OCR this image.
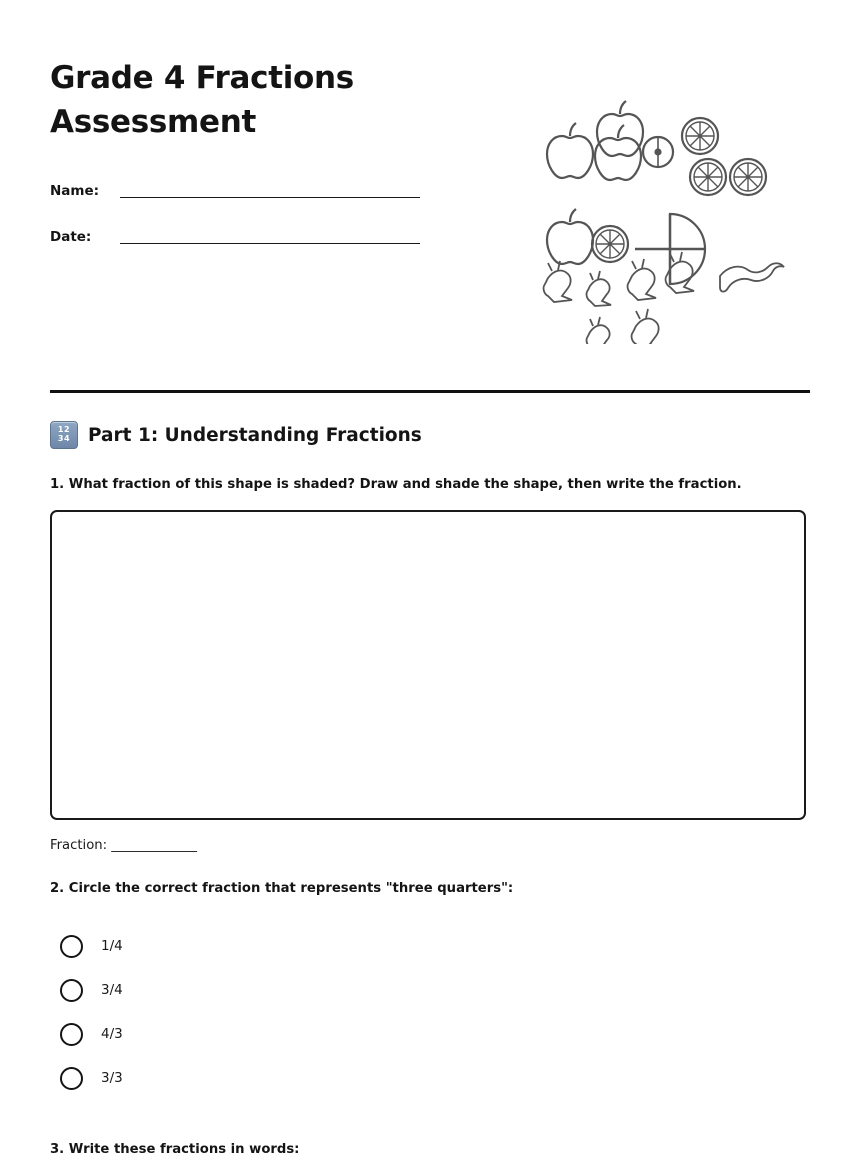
Grade 4 Fractions Assessment
Name:
Date:
12
34 Part 1: Understanding Fractions
1. What fraction of this shape is shaded? Draw and shade the shape, then write the fraction.
Fraction: _____________
2. Circle the correct fraction that represents "three quarters":
1/4
3/4
4/3
3/3
3. Write these fractions in words:
